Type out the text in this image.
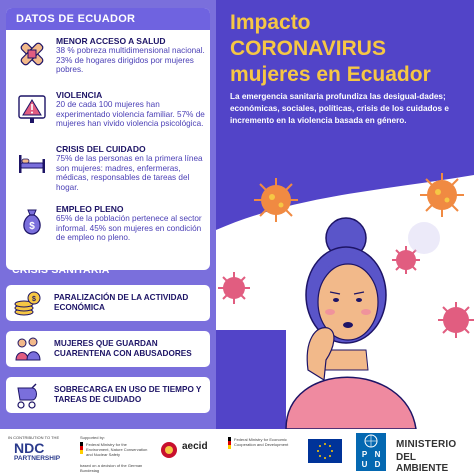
DATOS DE ECUADOR
MENOR ACCESO A SALUD
38 % pobreza multidimensional nacional. 23% de hogares dirigidos por mujeres pobres.
VIOLENCIA
20 de cada 100 mujeres han experimentado violencia familiar. 57% de mujeres han vivido violencia psicológica.
CRISIS DEL CUIDADO
75% de las personas en la primera línea son mujeres: madres, enfermeras, médicas, responsables de tareas del hogar.
$
EMPLEO PLENO
65% de la población pertenece al sector informal. 45% son mujeres en condición de empleo no pleno.
CONSECUENCIAS EN UNA
CRISIS SANITARIA
$ PARALIZACIÓN DE LA ACTIVIDAD ECONÓMICA
MUJERES QUE GUARDAN CUARENTENA CON ABUSADORES
SOBRECARGA EN USO DE TIEMPO Y TAREAS DE CUIDADO
Impacto
CORONAVIRUS
mujeres en Ecuador
La emergencia sanitaria profundiza las desigual-dades; económicas, sociales, políticas, crisis de los cuidados e incremento en la violencia basada en género.
IN CONTRIBUTION TO THE
NDC
PARTNERSHIP
Supported by:
Federal Ministry for the Environment, Nature Conservation and Nuclear Safety
based on a decision of the German Bundestag
aecid
Federal Ministry for Economic Cooperation and Development
P N
U D
MINISTERIO
DEL AMBIENTE
